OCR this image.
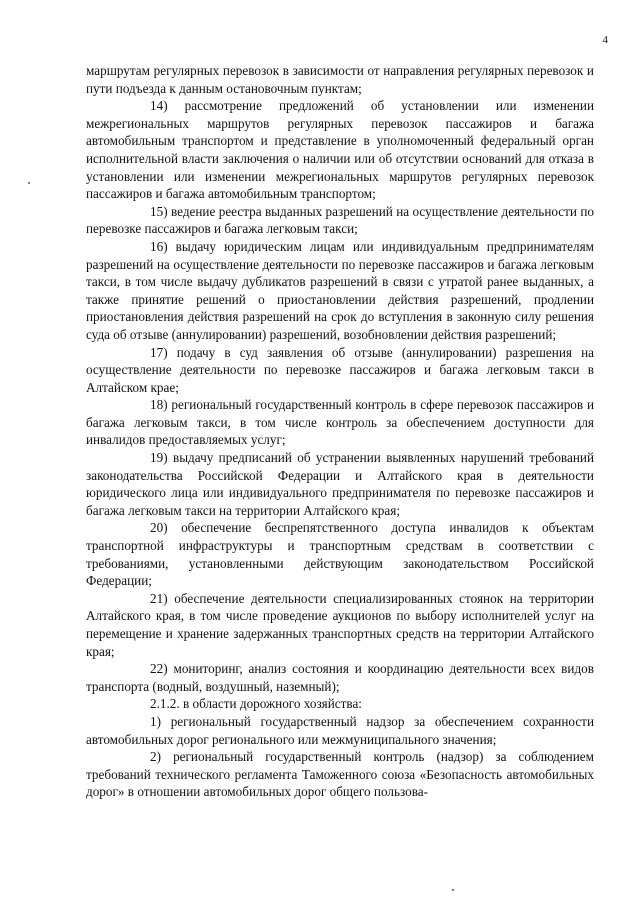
4

маршрутам регулярных перевозок в зависимости от направления регулярных перевозок и пути подъезда к данным остановочным пунктам;

14) рассмотрение предложений об установлении или изменении межрегиональных маршрутов регулярных перевозок пассажиров и багажа автомобильным транспортом и представление в уполномоченный федеральный орган исполнительной власти заключения о наличии или об отсутствии оснований для отказа в установлении или изменении межрегиональных маршрутов регулярных перевозок пассажиров и багажа автомобильным транспортом;

15) ведение реестра выданных разрешений на осуществление деятельности по перевозке пассажиров и багажа легковым такси;

16) выдачу юридическим лицам или индивидуальным предпринимателям разрешений на осуществление деятельности по перевозке пассажиров и багажа легковым такси, в том числе выдачу дубликатов разрешений в связи с утратой ранее выданных, а также принятие решений о приостановлении действия разрешений, продлении приостановления действия разрешений на срок до вступления в законную силу решения суда об отзыве (аннулировании) разрешений, возобновлении действия разрешений;

17) подачу в суд заявления об отзыве (аннулировании) разрешения на осуществление деятельности по перевозке пассажиров и багажа легковым такси в Алтайском крае;

18) региональный государственный контроль в сфере перевозок пассажиров и багажа легковым такси, в том числе контроль за обеспечением доступности для инвалидов предоставляемых услуг;

19) выдачу предписаний об устранении выявленных нарушений требований законодательства Российской Федерации и Алтайского края в деятельности юридического лица или индивидуального предпринимателя по перевозке пассажиров и багажа легковым такси на территории Алтайского края;

20) обеспечение беспрепятственного доступа инвалидов к объектам транспортной инфраструктуры и транспортным средствам в соответствии с требованиями, установленными действующим законодательством Российской Федерации;

21) обеспечение деятельности специализированных стоянок на территории Алтайского края, в том числе проведение аукционов по выбору исполнителей услуг на перемещение и хранение задержанных транспортных средств на территории Алтайского края;

22) мониторинг, анализ состояния и координацию деятельности всех видов транспорта (водный, воздушный, наземный);

2.1.2. в области дорожного хозяйства:

1) региональный государственный надзор за обеспечением сохранности автомобильных дорог регионального или межмуниципального значения;

2) региональный государственный контроль (надзор) за соблюдением требований технического регламента Таможенного союза «Безопасность автомобильных дорог» в отношении автомобильных дорог общего пользова-
